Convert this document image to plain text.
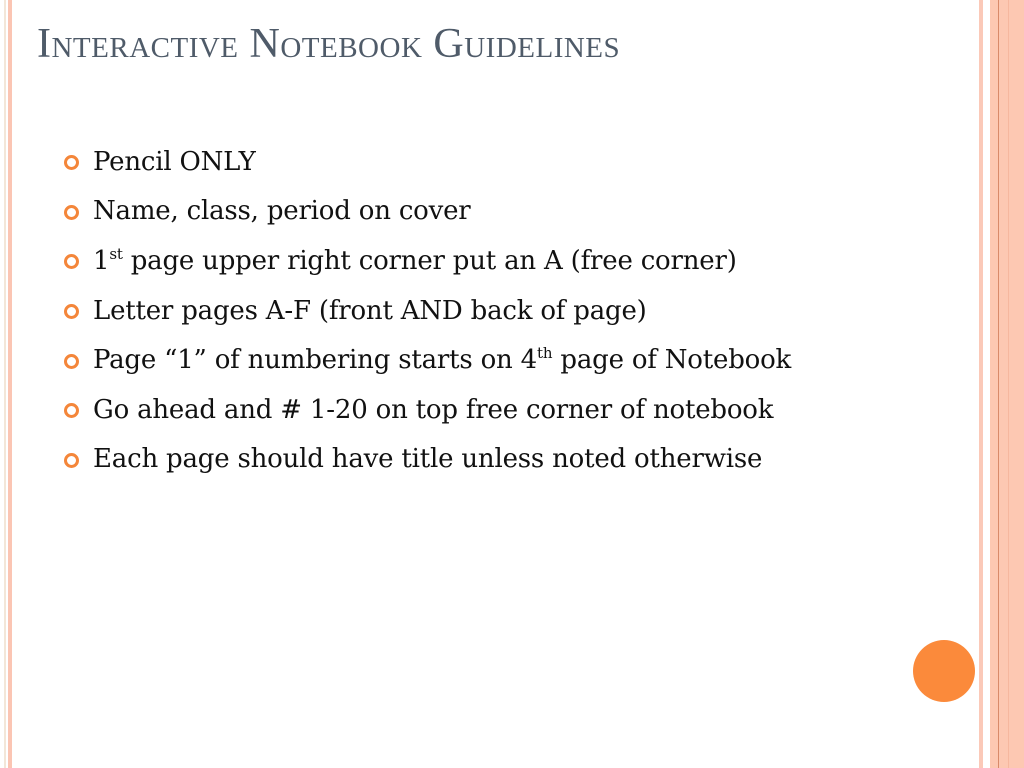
Interactive Notebook Guidelines
Pencil ONLY
Name, class, period on cover
1st page upper right corner put an A (free corner)
Letter pages A-F (front AND back of page)
Page “1” of numbering starts on 4th page of Notebook
Go ahead and # 1-20 on top free corner of notebook
Each page should have title unless noted otherwise
